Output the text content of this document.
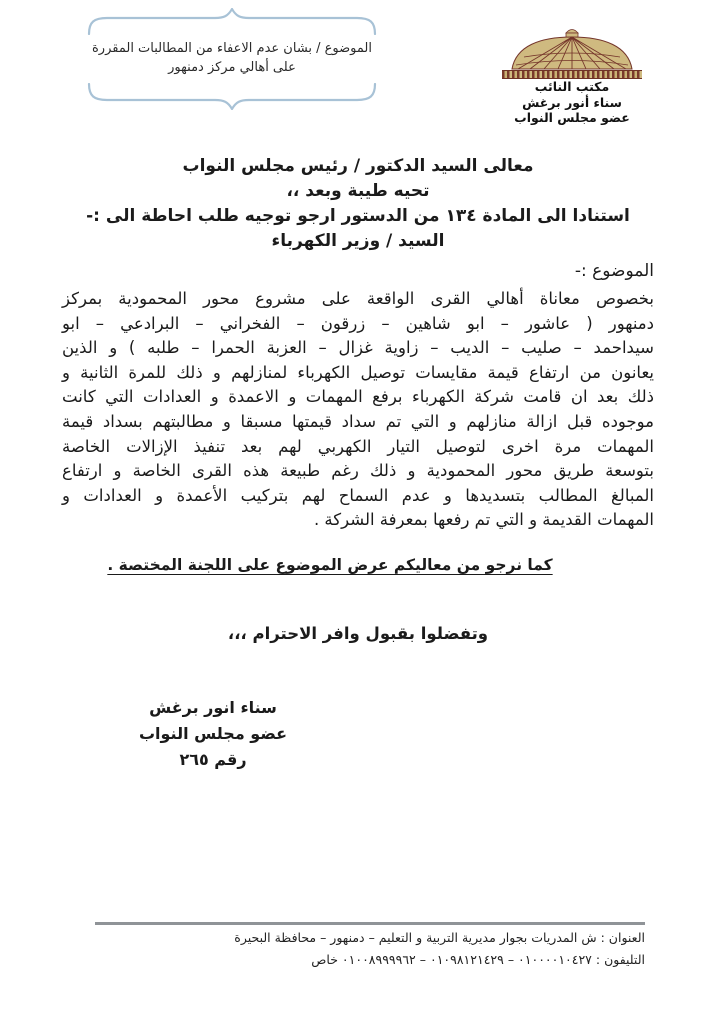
الموضوع / بشان عدم الاعفاء من المطالبات المقررة
على أهالي مركز دمنهور
مكتب النائب
سناء أنور برغش
عضو مجلس النواب
معالى السيد الدكتور / رئيس مجلس النواب
تحيه طيبة وبعد ،،
استنادا الى المادة ١٣٤ من الدستور ارجو توجيه طلب احاطة الى :-
السيد / وزير الكهرباء
الموضوع :-
بخصوص معاناة أهالي القرى الواقعة على مشروع محور المحمودية بمركز
دمنهور ( عاشور – ابو شاهين – زرقون – الفخراني – البرادعي – ابو
سيداحمد – صليب – الديب – زاوية غزال – العزبة الحمرا – طلبه ) و الذين
يعانون من ارتفاع قيمة مقايسات توصيل الكهرباء لمنازلهم و ذلك للمرة الثانية و
ذلك بعد ان قامت شركة الكهرباء برفع المهمات و الاعمدة و العدادات التي كانت
موجوده قبل ازالة منازلهم و التي تم سداد قيمتها مسبقا و مطالبتهم بسداد قيمة
المهمات مرة اخرى لتوصيل التيار الكهربي لهم بعد تنفيذ الإزالات الخاصة
بتوسعة طريق محور المحمودية و ذلك رغم طبيعة هذه القرى الخاصة و ارتفاع
المبالغ المطالب بتسديدها و عدم السماح لهم بتركيب الأعمدة و العدادات و
المهمات القديمة و التي تم رفعها بمعرفة الشركة .
كما نرجو من معاليكم عرض الموضوع على اللجنة المختصة .
وتفضلوا بقبول وافر الاحترام ،،،
سناء انور برغش
عضو مجلس النواب
رقم ٢٦٥
العنوان : ش المدريات بجوار مديرية التربية و التعليم – دمنهور – محافظة البحيرة
التليفون : ٠١٠٠٠٠١٠٤٢٧ – ٠١٠٩٨١٢١٤٢٩ – ٠١٠٠٨٩٩٩٩٦٢ خاص
